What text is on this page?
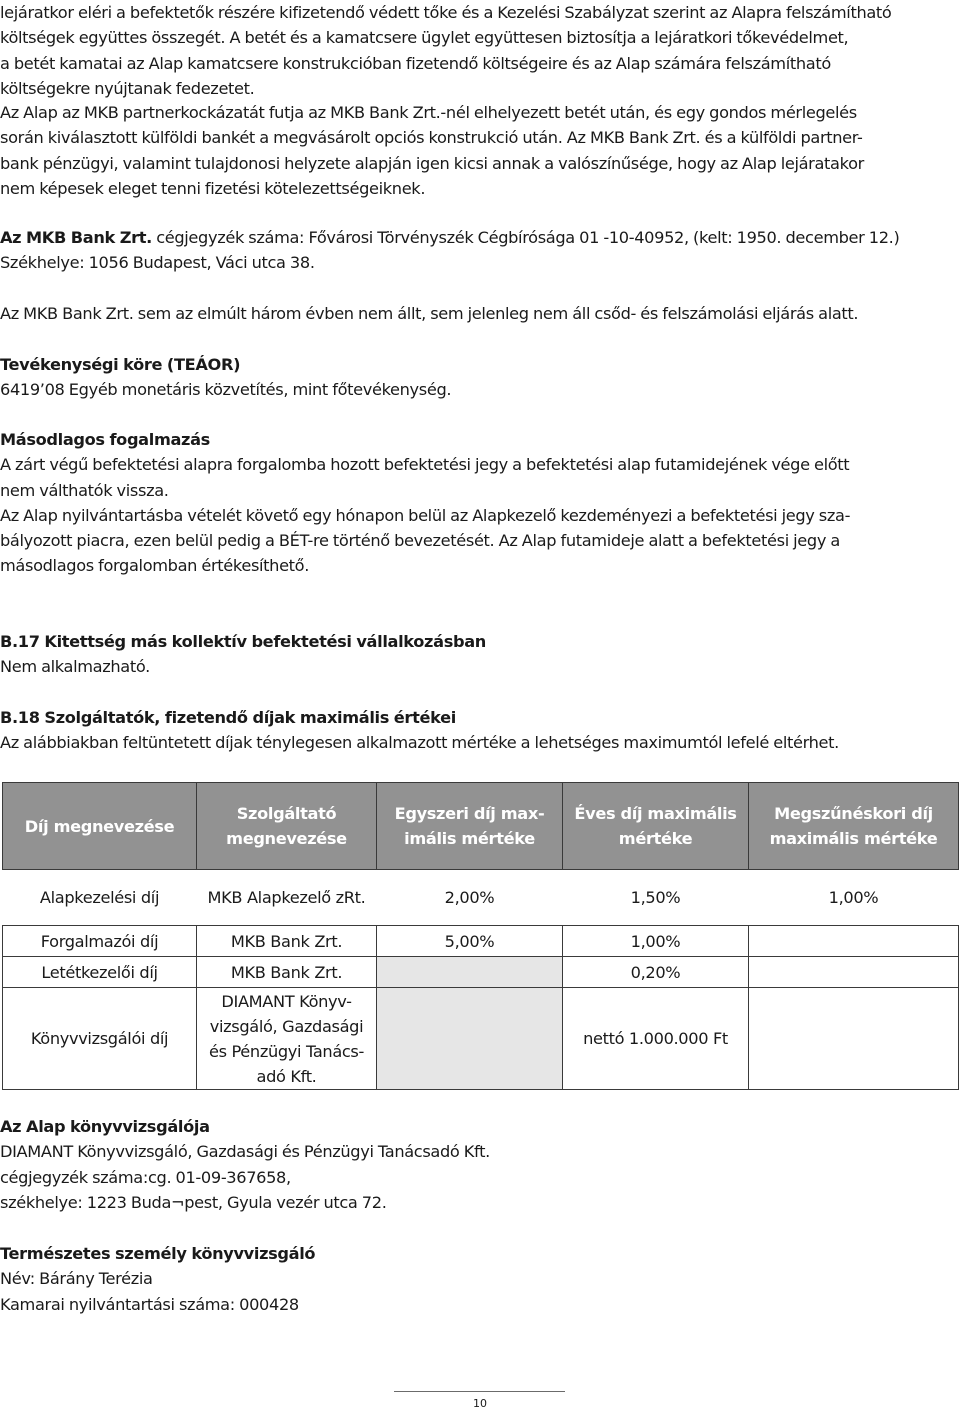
lejáratkor elérі a befektetők részére kifizetendő védett tőke és a Kezelési Szabályzat szerint az Alapra felszámítható
költségek együttes összegét. A betét és a kamatcsere ügylet együttesen biztosítja a lejáratkori tőkevédelmet,
a betét kamatai az Alap kamatcsere konstrukcióban fizetendő költségeire és az Alap számára felszámítható
költségekre nyújtanak fedezetet.

Az Alap az MKB partnerkockázatát futja az MKB Bank Zrt.-nél elhelyezett betét után, és egy gondos mérlegelés
során kiválasztott külföldi bankét a megvásárolt opciós konstrukció után. Az MKB Bank Zrt. és a külföldi partner-
bank pénzügyi, valamint tulajdonosi helyzete alapján igen kicsi annak a valószínűsége, hogy az Alap lejáratakor
nem képesek eleget tenni fizetési kötelezettségeiknek.

Az MKB Bank Zrt. cégjegyzék száma: Fővárosi Törvényszék Cégbírósága 01 -10-40952, (kelt: 1950. december 12.)
Székhelye: 1056 Budapest, Váci utca 38.

Az MKB Bank Zrt. sem az elmúlt három évben nem állt, sem jelenleg nem áll csőd- és felszámolási eljárás alatt.

Tevékenységi köre (TEÁOR)
6419’08 Egyéb monetáris közvetítés, mint főtevékenység.

Másodlagos fogalmazás
A zárt végű befektetési alapra forgalomba hozott befektetési jegy a befektetési alap futamidejének vége előtt
nem válthatók vissza.
Az Alap nyilvántartásba vételét követő egy hónapon belül az Alapkezelő kezdeményezi a befektetési jegy sza-
bályozott piacra, ezen belül pedig a BÉT-re történő bevezetését. Az Alap futamideje alatt a befektetési jegy a
másodlagos forgalomban értékesíthető.

B.17 Kitettség más kollektív befektetési vállalkozásban
Nem alkalmazható.

B.18 Szolgáltatók, fizetendő díjak maximális értékei
Az alábbiakban feltüntetett díjak ténylegesen alkalmazott mértéke a lehetséges maximumtól lefelé eltérhet.

Díj megnevezése	Szolgáltató megnevezése	Egyszeri díj max-imális mértéke	Éves díj maximális mértéke	Megszűnéskori díj maximális mértéke
Alapkezelési díj	MKB Alapkezelő zRt.	2,00%	1,50%	1,00%
Forgalmazói díj	MKB Bank Zrt.	5,00%	1,00%	
Letétkezelői díj	MKB Bank Zrt.		0,20%	
Könyvvizsgálói díj	DIAMANT Könyv-vizsgáló, Gazdasági és Pénzügyi Tanács-adó Kft.		nettó 1.000.000 Ft	

Az Alap könyvvizsgálója
DIAMANT Könyvvizsgáló, Gazdasági és Pénzügyi Tanácsadó Kft.
cégjegyzék száma:cg. 01-09-367658,
székhelye: 1223 Buda¬pest, Gyula vezér utca 72.

Természetes személy könyvvizsgáló
Név: Bárány Terézia
Kamarai nyilvántartási száma: 000428

10
